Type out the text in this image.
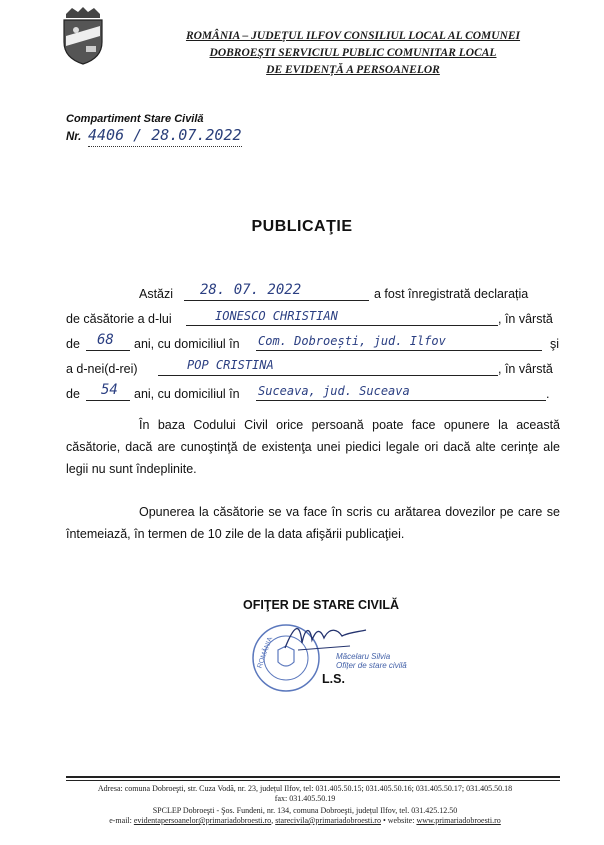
ROMÂNIA – JUDEȚUL ILFOV CONSILIUL LOCAL AL COMUNEI
DOBROEŞTI SERVICIUL PUBLIC COMUNITAR LOCAL
DE EVIDENȚĂ A PERSOANELOR
Compartiment Stare Civilă
Nr. 4406 / 28.07.2022
PUBLICAŢIE
Astăzi 28. 07. 2022	a fost înregistrată declarația
de căsătorie a d-lui	IONESCO CHRISTIAN	, în vârstă
de 68 ani, cu domiciliul în Com. Dobroești, jud. Ilfov	şi
a d-nei(d-rei)	POP CRISTINA	, în vârstă
de 54 ani, cu domiciliul în Suceava, jud. Suceava	.
În baza Codului Civil orice persoană poate face opunere la această căsătorie, dacă are cunoştinţă de existenţa unei piedici legale ori dacă alte cerinţe ale legii nu sunt îndeplinite.
Opunerea la căsătorie se va face în scris cu arătarea dovezilor pe care se întemeiază, în termen de 10 zile de la data afişării publicaţiei.
OFIŢER DE STARE CIVILĂ
ROMÂNIA	Măcelaru Silvia
Ofițer de stare civilă
L.S.
Adresa: comuna Dobroeşti, str. Cuza Vodă, nr. 23, județul Ilfov, tel: 031.405.50.15; 031.405.50.16; 031.405.50.17; 031.405.50.18
fax: 031.405.50.19
SPCLEP Dobroeşti - Şos. Fundeni, nr. 134, comuna Dobroeşti, județul Ilfov, tel. 031.425.12.50
e-mail: evidentapersoanelor@primariadobroesti.ro, starecivila@primariadobroesti.ro • website: www.primariadobroesti.ro
